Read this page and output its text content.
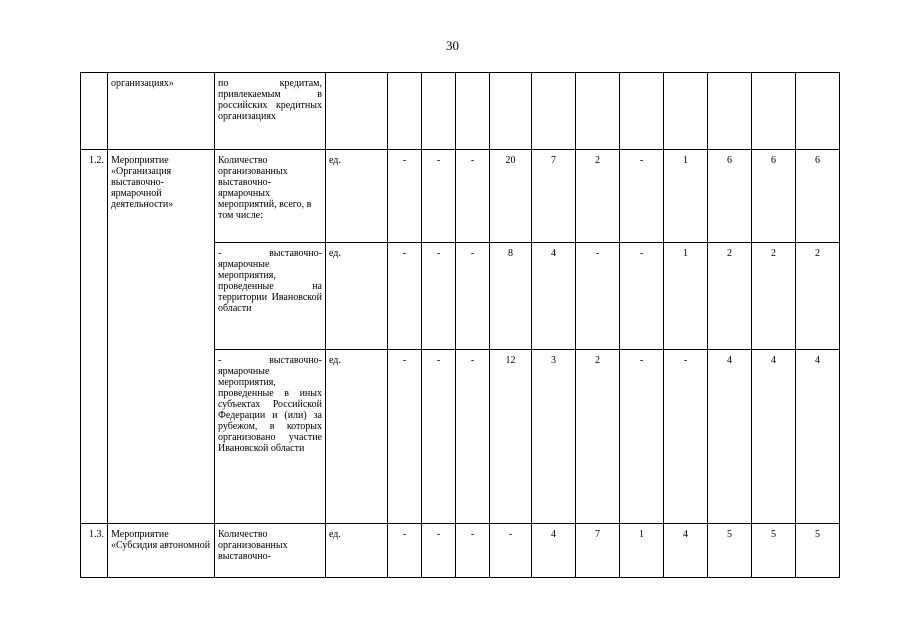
30
	организациях»	по кредитам, привлекаемым в российских кредитных организациях												
1.2.	Мероприятие «Организация выставочно-ярмарочной деятельности»	Количество организованных выставочно-ярмарочных мероприятий, всего, в том числе:	ед.	-	-	-	20	7	2	-	1	6	6	6
		- выставочно-ярмарочные мероприятия, проведенные на территории Ивановской области	ед.	-	-	-	8	4	-	-	1	2	2	2
		- выставочно-ярмарочные мероприятия, проведенные в иных субъектах Российской Федерации и (или) за рубежом, в которых организовано участие Ивановской области	ед.	-	-	-	12	3	2	-	-	4	4	4
1.3.	Мероприятие «Субсидия автономной	Количество организованных выставочно-	ед.	-	-	-	-	4	7	1	4	5	5	5
